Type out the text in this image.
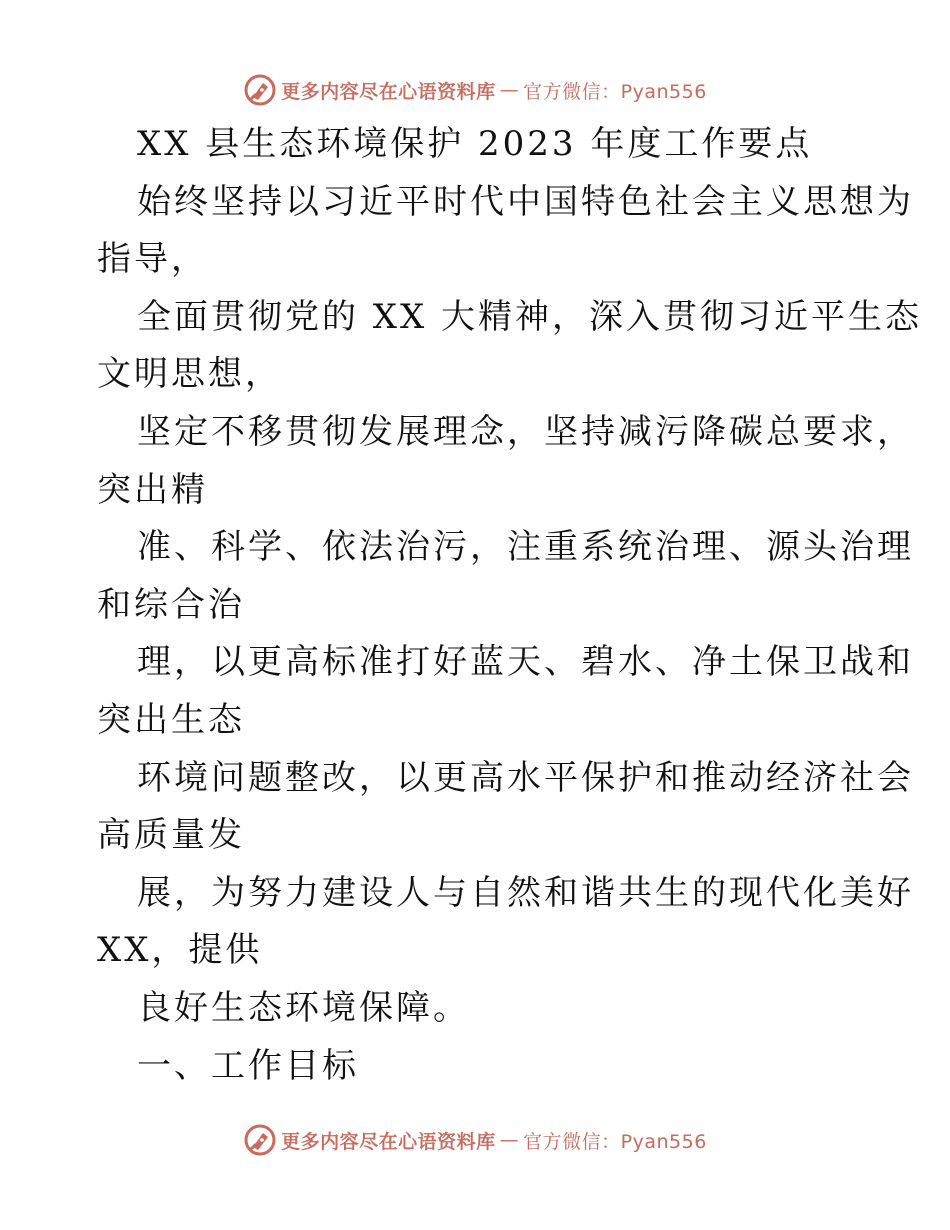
更多内容尽在心语资料库 — 官方微信：Pyan556
XX 县生态环境保护 2023 年度工作要点
始终坚持以习近平时代中国特色社会主义思想为
指导，
全面贯彻党的 XX 大精神，深入贯彻习近平生态
文明思想，
坚定不移贯彻发展理念，坚持减污降碳总要求，
突出精
准、科学、依法治污，注重系统治理、源头治理
和综合治
理，以更高标准打好蓝天、碧水、净土保卫战和
突出生态
环境问题整改，以更高水平保护和推动经济社会
高质量发
展，为努力建设人与自然和谐共生的现代化美好
XX，提供
良好生态环境保障。
一、工作目标
更多内容尽在心语资料库 — 官方微信：Pyan556
